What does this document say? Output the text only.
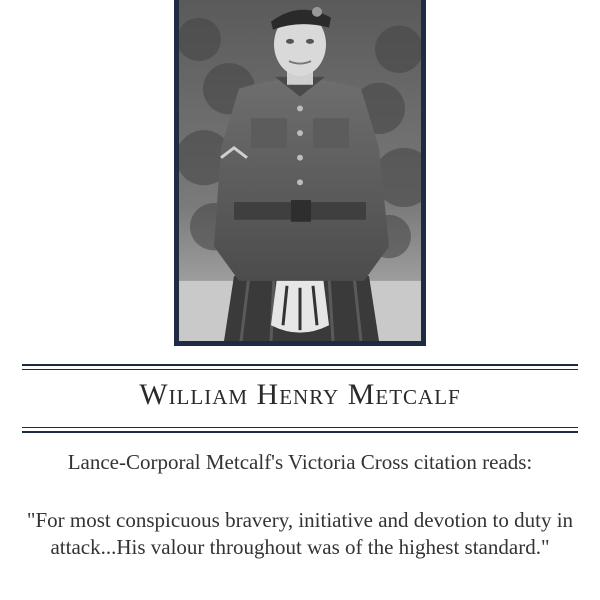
William Henry Metcalf
Lance-Corporal Metcalf's Victoria Cross citation reads:
"For most conspicuous bravery, initiative and devotion to duty in attack...His valour throughout was of the highest standard."
